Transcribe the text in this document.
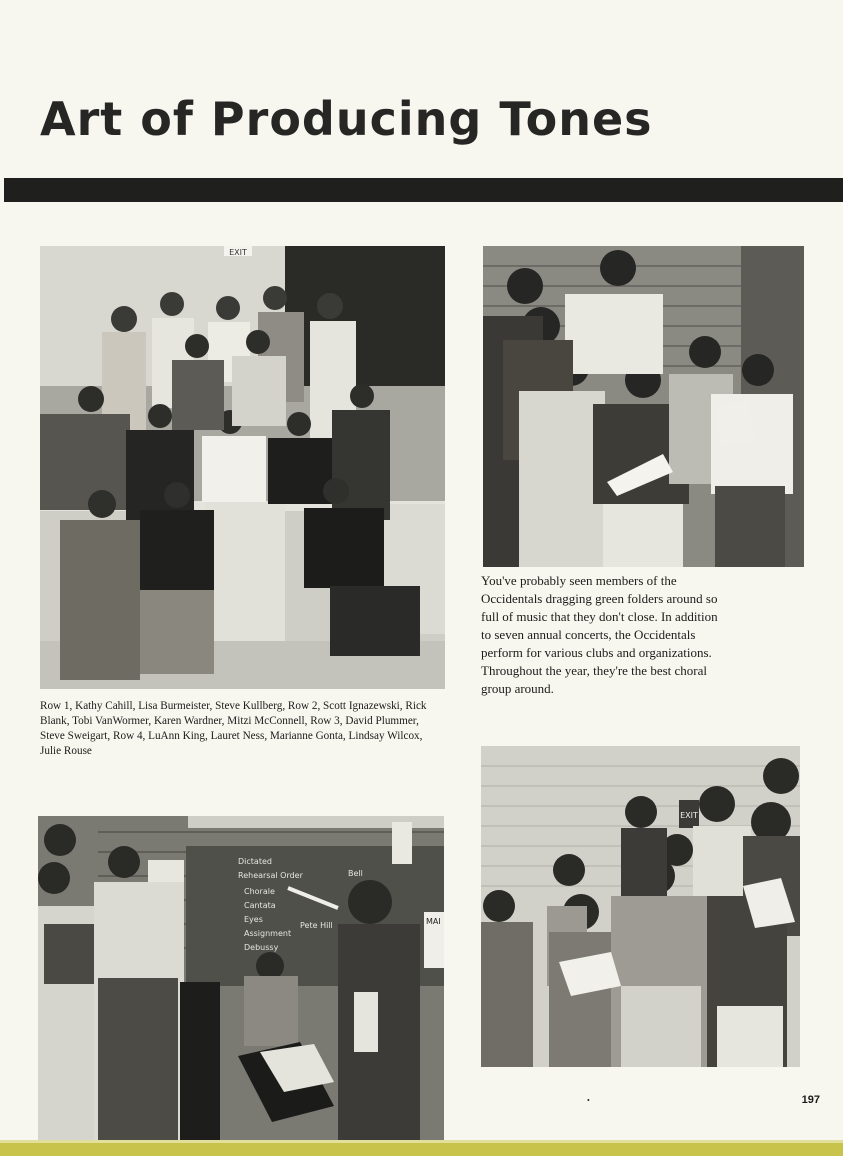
Art of Producing Tones
EXIT
Row 1, Kathy Cahill, Lisa Burmeister, Steve Kullberg, Row 2, Scott Ignazewski, Rick Blank, Tobi VanWormer, Karen Wardner, Mitzi McConnell, Row 3, David Plummer, Steve Sweigart, Row 4, LuAnn King, Lauret Ness, Marianne Gonta, Lindsay Wilcox, Julie Rouse
You've probably seen members of the Occidentals dragging green folders around so full of music that they don't close. In addition to seven annual concerts, the Occidentals perform for various clubs and organizations. Throughout the year, they're the best choral group around.
Dictated
Rehearsal Order
Chorale
Cantata
Eyes
Assignment
Debussy
Bell
Pete Hill	MAI
EXIT
•	197
